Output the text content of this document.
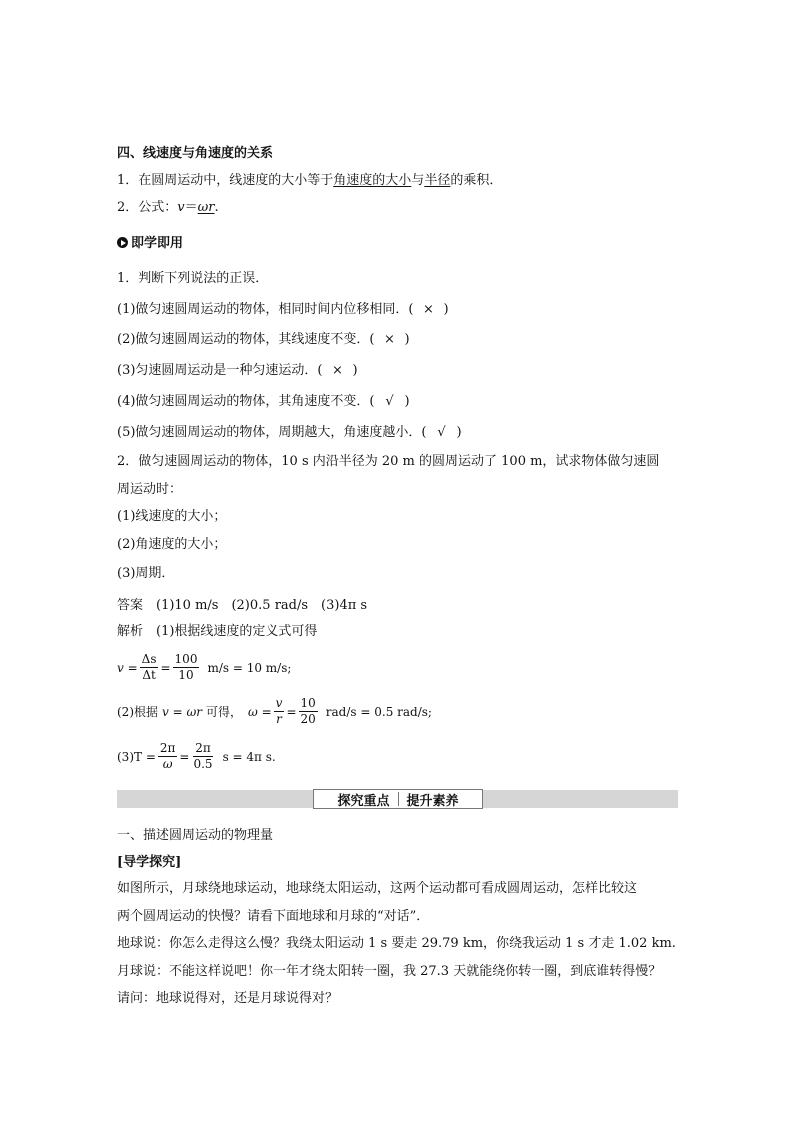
四、线速度与角速度的关系
1．在圆周运动中，线速度的大小等于角速度的大小与半径的乘积．
2．公式：v＝ωr.
即学即用
1．判断下列说法的正误．
(1)做匀速圆周运动的物体，相同时间内位移相同．( × )
(2)做匀速圆周运动的物体，其线速度不变．( × )
(3)匀速圆周运动是一种匀速运动．( × )
(4)做匀速圆周运动的物体，其角速度不变．( √ )
(5)做匀速圆周运动的物体，周期越大，角速度越小．( √ )
2．做匀速圆周运动的物体，10 s 内沿半径为 20 m 的圆周运动了 100 m，试求物体做匀速圆
周运动时：
(1)线速度的大小；
(2)角速度的大小；
(3)周期．
答案　(1)10 m/s　(2)0.5 rad/s　(3)4π s
解析　(1)根据线速度的定义式可得
$v = \frac{\Delta s}{\Delta t} = \frac{100}{10} m/s = 10$ m/s;
(2)根据 v = ωr 可得， $\omega = \frac{v}{r} = \frac{10}{20} rad/s = 0.5$ rad/s;
$(3)T = \frac{2\pi}{\omega} = \frac{2\pi}{0.5}$ s = 4π s.
探究重点	提升素养
一、描述圆周运动的物理量
[导学探究]
如图所示，月球绕地球运动，地球绕太阳运动，这两个运动都可看成圆周运动，怎样比较这
两个圆周运动的快慢？请看下面地球和月球的“对话”．
地球说：你怎么走得这么慢？我绕太阳运动 1 s 要走 29.79 km，你绕我运动 1 s 才走 1.02 km.
月球说：不能这样说吧！你一年才绕太阳转一圈，我 27.3 天就能绕你转一圈，到底谁转得慢？
请问：地球说得对，还是月球说得对？
